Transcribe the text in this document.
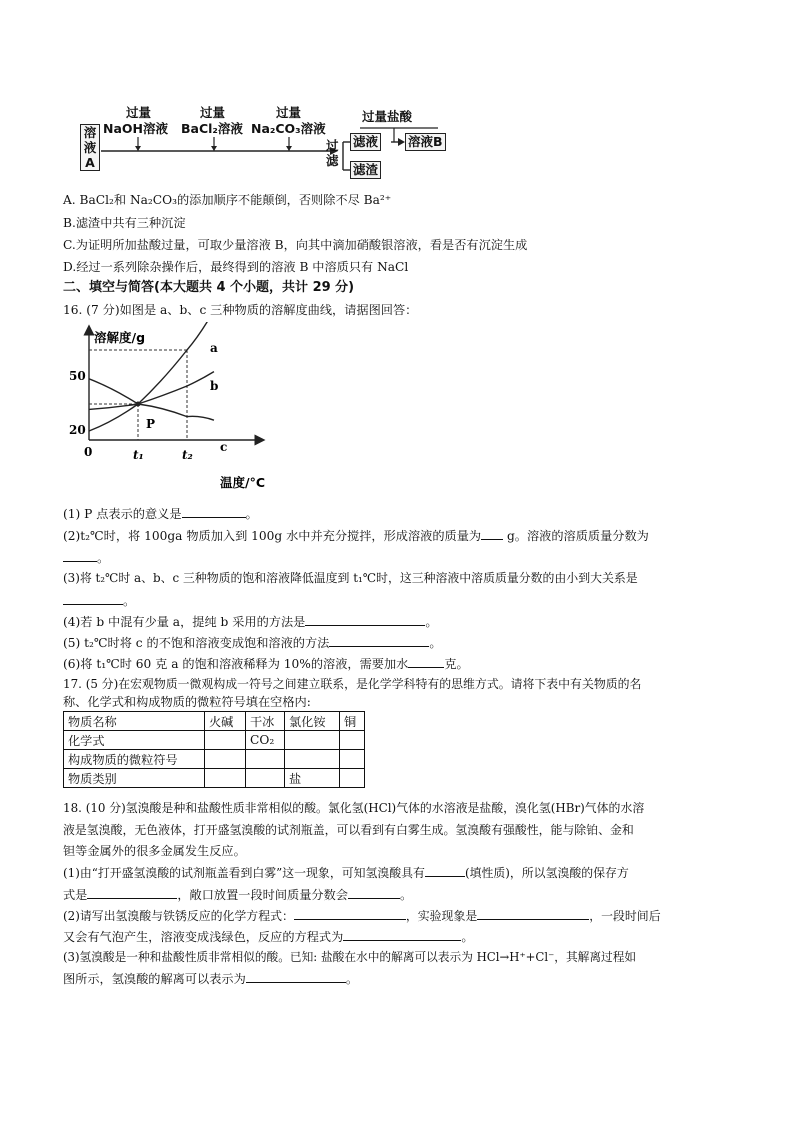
溶
液
A
过量
NaOH溶液
过量
BaCl₂溶液
过量
Na₂CO₃溶液
过
滤
滤液
滤渣
过量盐酸
溶液B
A. BaCl₂和 Na₂CO₃的添加顺序不能颠倒，否则除不尽 Ba²⁺
B.滤渣中共有三种沉淀
C.为证明所加盐酸过量，可取少量溶液 B，向其中滴加硝酸银溶液，看是否有沉淀生成
D.经过一系列除杂操作后，最终得到的溶液 B 中溶质只有 NaCl
二、填空与简答(本大题共 4 个小题，共计 29 分)
16. (7 分)如图是 a、b、c 三种物质的溶解度曲线，请据图回答：
溶解度/g
温度/°C
50
20
0	t₁	t₂
P
a
b
c
(1) P 点表示的意义是	。
(2)t₂℃时，将 100ga 物质加入到 100g 水中并充分搅拌，形成溶液的质量为 g。溶液的溶质质量分数为
。
(3)将 t₂℃时 a、b、c 三种物质的饱和溶液降低温度到 t₁℃时，这三种溶液中溶质质量分数的由小到大关系是
。
(4)若 b 中混有少量 a，提纯 b 采用的方法是	。
(5) t₂℃时将 c 的不饱和溶液变成饱和溶液的方法	。
(6)将 t₁℃时 60 克 a 的饱和溶液稀释为 10%的溶液，需要加水	克。
17. (5 分)在宏观物质一微观构成一符号之间建立联系，是化学学科特有的思维方式。请将下表中有关物质的名
称、化学式和构成物质的微粒符号填在空格内:
物质名称	火碱	干冰	氯化铵	铜
化学式		CO₂		
构成物质的微粒符号				
物质类别			盐	
18. (10 分)氢溴酸是种和盐酸性质非常相似的酸。氯化氢(HCl)气体的水溶液是盐酸，溴化氢(HBr)气体的水溶
液是氢溴酸，无色液体，打开盛氢溴酸的试剂瓶盖，可以看到有白雾生成。氢溴酸有强酸性，能与除铂、金和
钽等金属外的很多金属发生反应。
(1)由“打开盛氢溴酸的试剂瓶盖看到白雾”这一现象，可知氢溴酸具有	(填性质)，所以氢溴酸的保存方
式是	，敞口放置一段时间质量分数会	。
(2)请写出氢溴酸与铁锈反应的化学方程式：	，实验现象是	，一段时间后
又会有气泡产生，溶液变成浅绿色，反应的方程式为	。
(3)氢溴酸是一种和盐酸性质非常相似的酸。已知: 盐酸在水中的解离可以表示为 HCl→H⁺+Cl⁻，其解离过程如
图所示，氢溴酸的解离可以表示为	。
